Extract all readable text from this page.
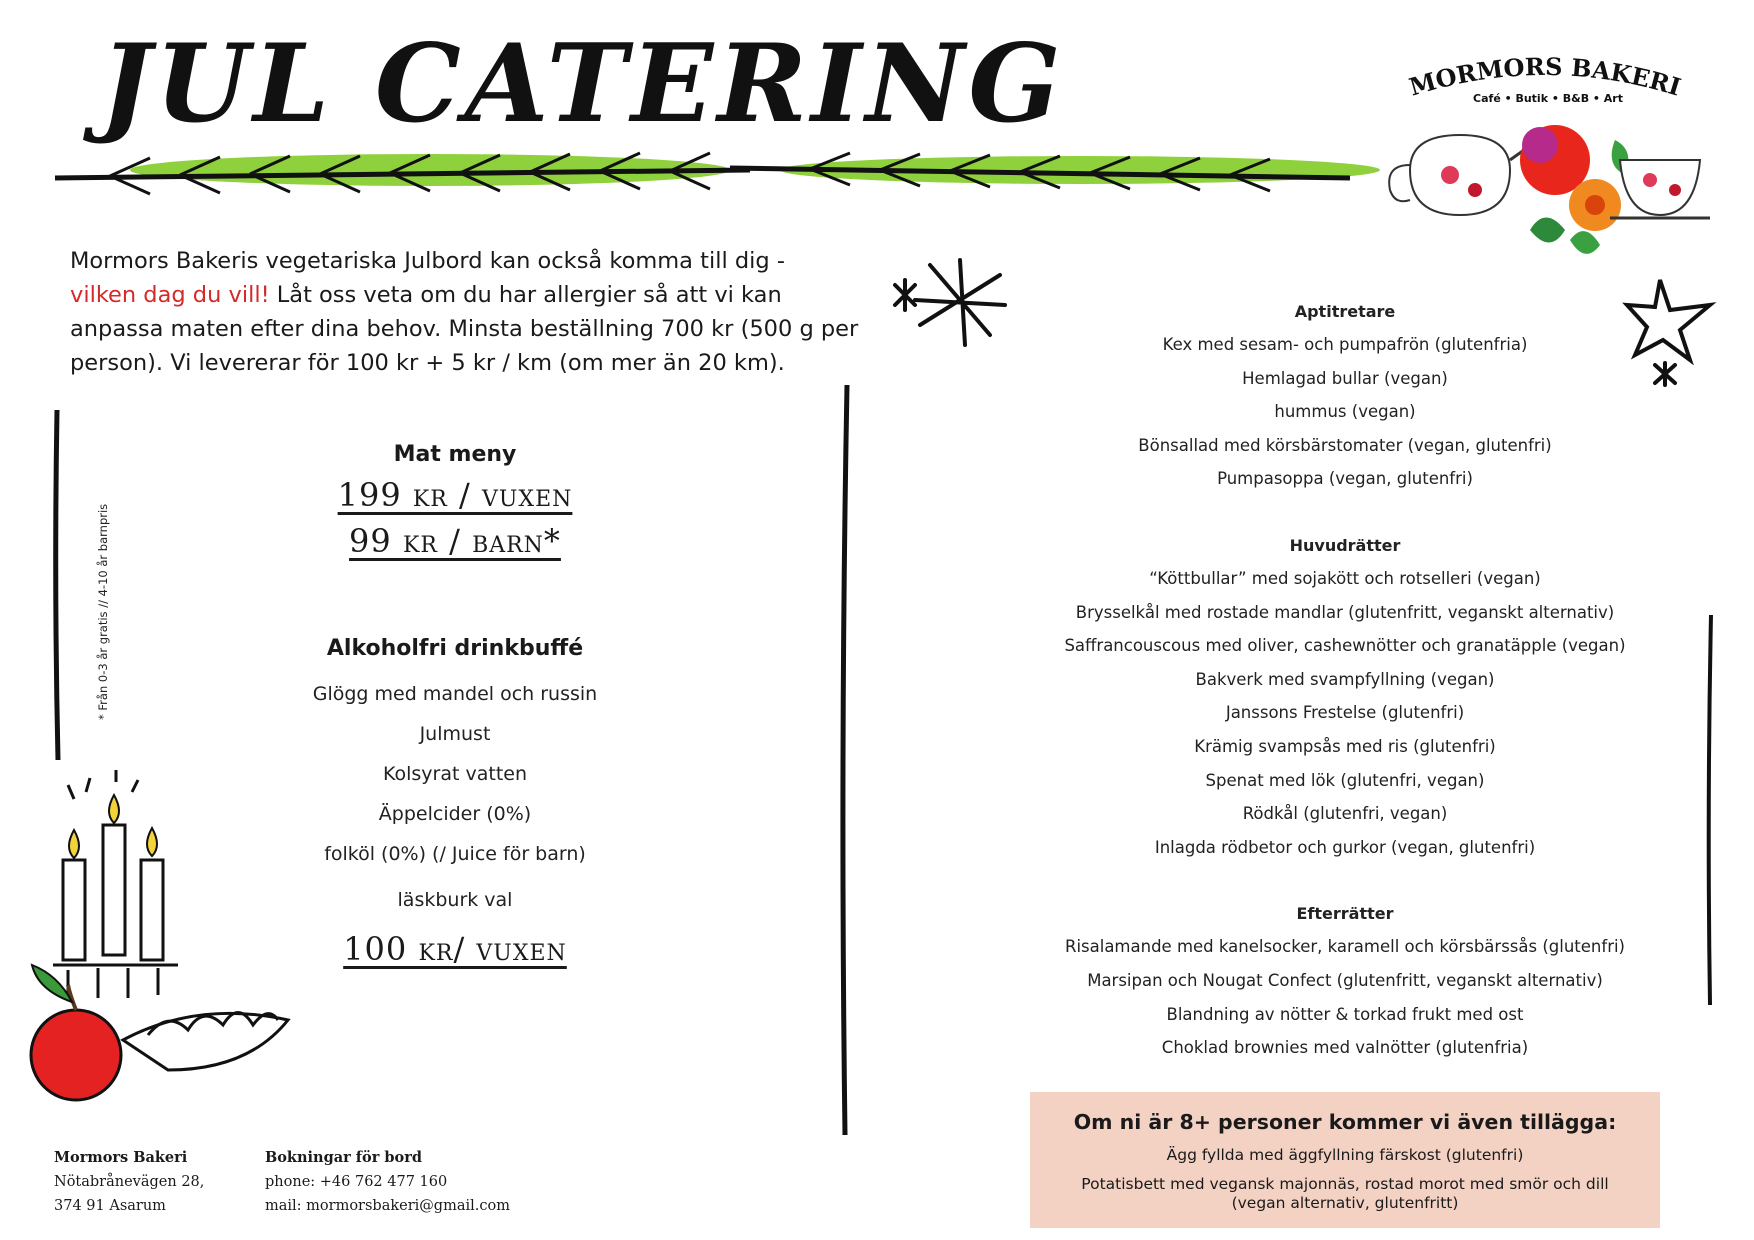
JUL CATERING	MORMORS BAKERI
Café • Butik • B&B • Art
Mormors Bakeris vegetariska Julbord kan också komma till dig -
vilken dag du vill! Låt oss veta om du har allergier så att vi kan anpassa maten efter dina behov. Minsta beställning 700 kr (500 g per person). Vi levererar för 100 kr + 5 kr / km (om mer än 20 km).
* Från 0-3 år gratis // 4-10 år barnpris
Mat meny
199 kr / vuxen
99 kr / barn*
Alkoholfri drinkbuffé
Glögg med mandel och russin
Julmust
Kolsyrat vatten
Äppelcider (0%)
folköl (0%) (/ Juice för barn)
läskburk val
100 kr/ vuxen
Aptitretare
Kex med sesam- och pumpafrön (glutenfria)
Hemlagad bullar (vegan)
hummus (vegan)
Bönsallad med körsbärstomater (vegan, glutenfri)
Pumpasoppa (vegan, glutenfri)
Huvudrätter
“Köttbullar” med sojakött och rotselleri (vegan)
Brysselkål med rostade mandlar (glutenfritt, veganskt alternativ)
Saffrancouscous med oliver, cashewnötter och granatäpple (vegan)
Bakverk med svampfyllning (vegan)
Janssons Frestelse (glutenfri)
Krämig svampsås med ris (glutenfri)
Spenat med lök (glutenfri, vegan)
Rödkål (glutenfri, vegan)
Inlagda rödbetor och gurkor (vegan, glutenfri)
Efterrätter
Risalamande med kanelsocker, karamell och körsbärssås (glutenfri)
Marsipan och Nougat Confect (glutenfritt, veganskt alternativ)
Blandning av nötter & torkad frukt med ost
Choklad brownies med valnötter (glutenfria)
Om ni är 8+ personer kommer vi även tillägga:
Ägg fyllda med äggfyllning färskost (glutenfri)
Potatisbett med vegansk majonnäs, rostad morot med smör och dill (vegan alternativ, glutenfritt)
Mormors Bakeri
Nötabrånevägen 28,
374 91 Asarum
Bokningar för bord
phone: +46 762 477 160
mail: mormorsbakeri@gmail.com
